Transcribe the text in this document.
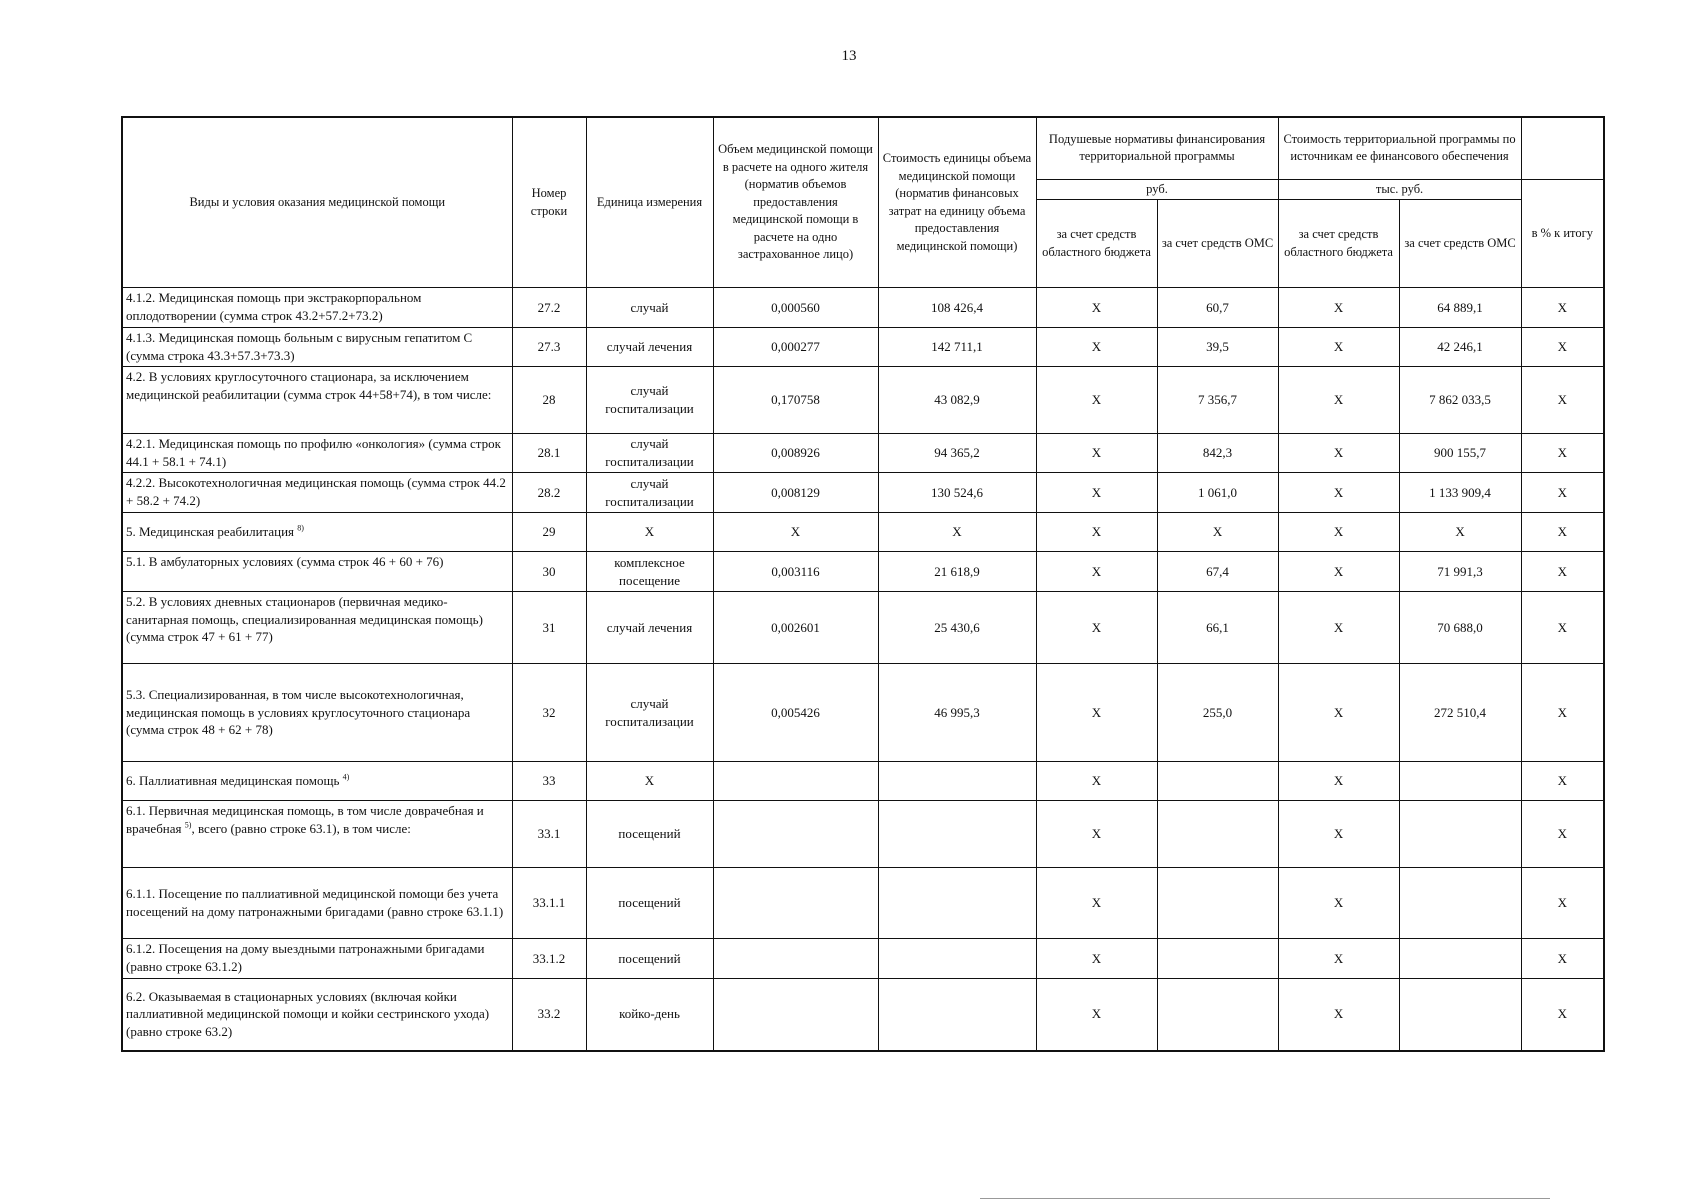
13
Виды и условия оказания медицинской помощи	Номер строки	Единица измерения	Объем медицинской помощи в расчете на одного жителя (норматив объемов предоставления медицинской помощи в расчете на одно застрахованное лицо)	Стоимость единицы объема медицинской помощи (норматив финансовых затрат на единицу объема предоставления медицинской помощи)	Подушевые нормативы финансирования территориальной программы		Стоимость территориальной программы по источникам ее финансового обеспечения		
					руб.		тыс. руб.		в % к итогу
					за счет средств областного бюджета	за счет средств ОМС	за счет средств областного бюджета	за счет средств ОМС	
4.1.2. Медицинская помощь при экстракорпоральном оплодотворении (сумма строк 43.2+57.2+73.2)	27.2	случай	0,000560	108 426,4	X	60,7	X	64 889,1	X
4.1.3. Медицинская помощь больным с вирусным гепатитом С (сумма строка 43.3+57.3+73.3)	27.3	случай лечения	0,000277	142 711,1	X	39,5	X	42 246,1	X
4.2. В условиях круглосуточного стационара, за исключением медицинской реабилитации (сумма строк 44+58+74), в том числе:	28	случай госпитализации	0,170758	43 082,9	X	7 356,7	X	7 862 033,5	X
4.2.1. Медицинская помощь по профилю «онкология» (сумма строк 44.1 + 58.1 + 74.1)	28.1	случай госпитализации	0,008926	94 365,2	X	842,3	X	900 155,7	X
4.2.2. Высокотехнологичная медицинская помощь (сумма строк 44.2 + 58.2 + 74.2)	28.2	случай госпитализации	0,008129	130 524,6	X	1 061,0	X	1 133 909,4	X
5. Медицинская реабилитация $^{8)}$	29	X	X	X	X	X	X	X	X
5.1. В амбулаторных условиях (сумма строк 46 + 60 + 76)	30	комплексное посещение	0,003116	21 618,9	X	67,4	X	71 991,3	X
5.2. В условиях дневных стационаров (первичная медико-санитарная помощь, специализированная медицинская помощь) (сумма строк 47 + 61 + 77)	31	случай лечения	0,002601	25 430,6	X	66,1	X	70 688,0	X
5.3. Специализированная, в том числе высокотехнологичная, медицинская помощь в условиях круглосуточного стационара (сумма строк 48 + 62 + 78)	32	случай госпитализации	0,005426	46 995,3	X	255,0	X	272 510,4	X
6. Паллиативная медицинская помощь $^{4)}$	33	X			X		X		X
6.1. Первичная медицинская помощь, в том числе доврачебная и врачебная $^{5)}$, всего (равно строке 63.1), в том числе:	33.1	посещений			X		X		X
6.1.1. Посещение по паллиативной медицинской помощи без учета посещений на дому патронажными бригадами (равно строке 63.1.1)	33.1.1	посещений			X		X		X
6.1.2. Посещения на дому выездными патронажными бригадами (равно строке 63.1.2)	33.1.2	посещений			X		X		X
6.2. Оказываемая в стационарных условиях (включая койки паллиативной медицинской помощи и койки сестринского ухода) (равно строке 63.2)	33.2	койко-день			X		X		X
